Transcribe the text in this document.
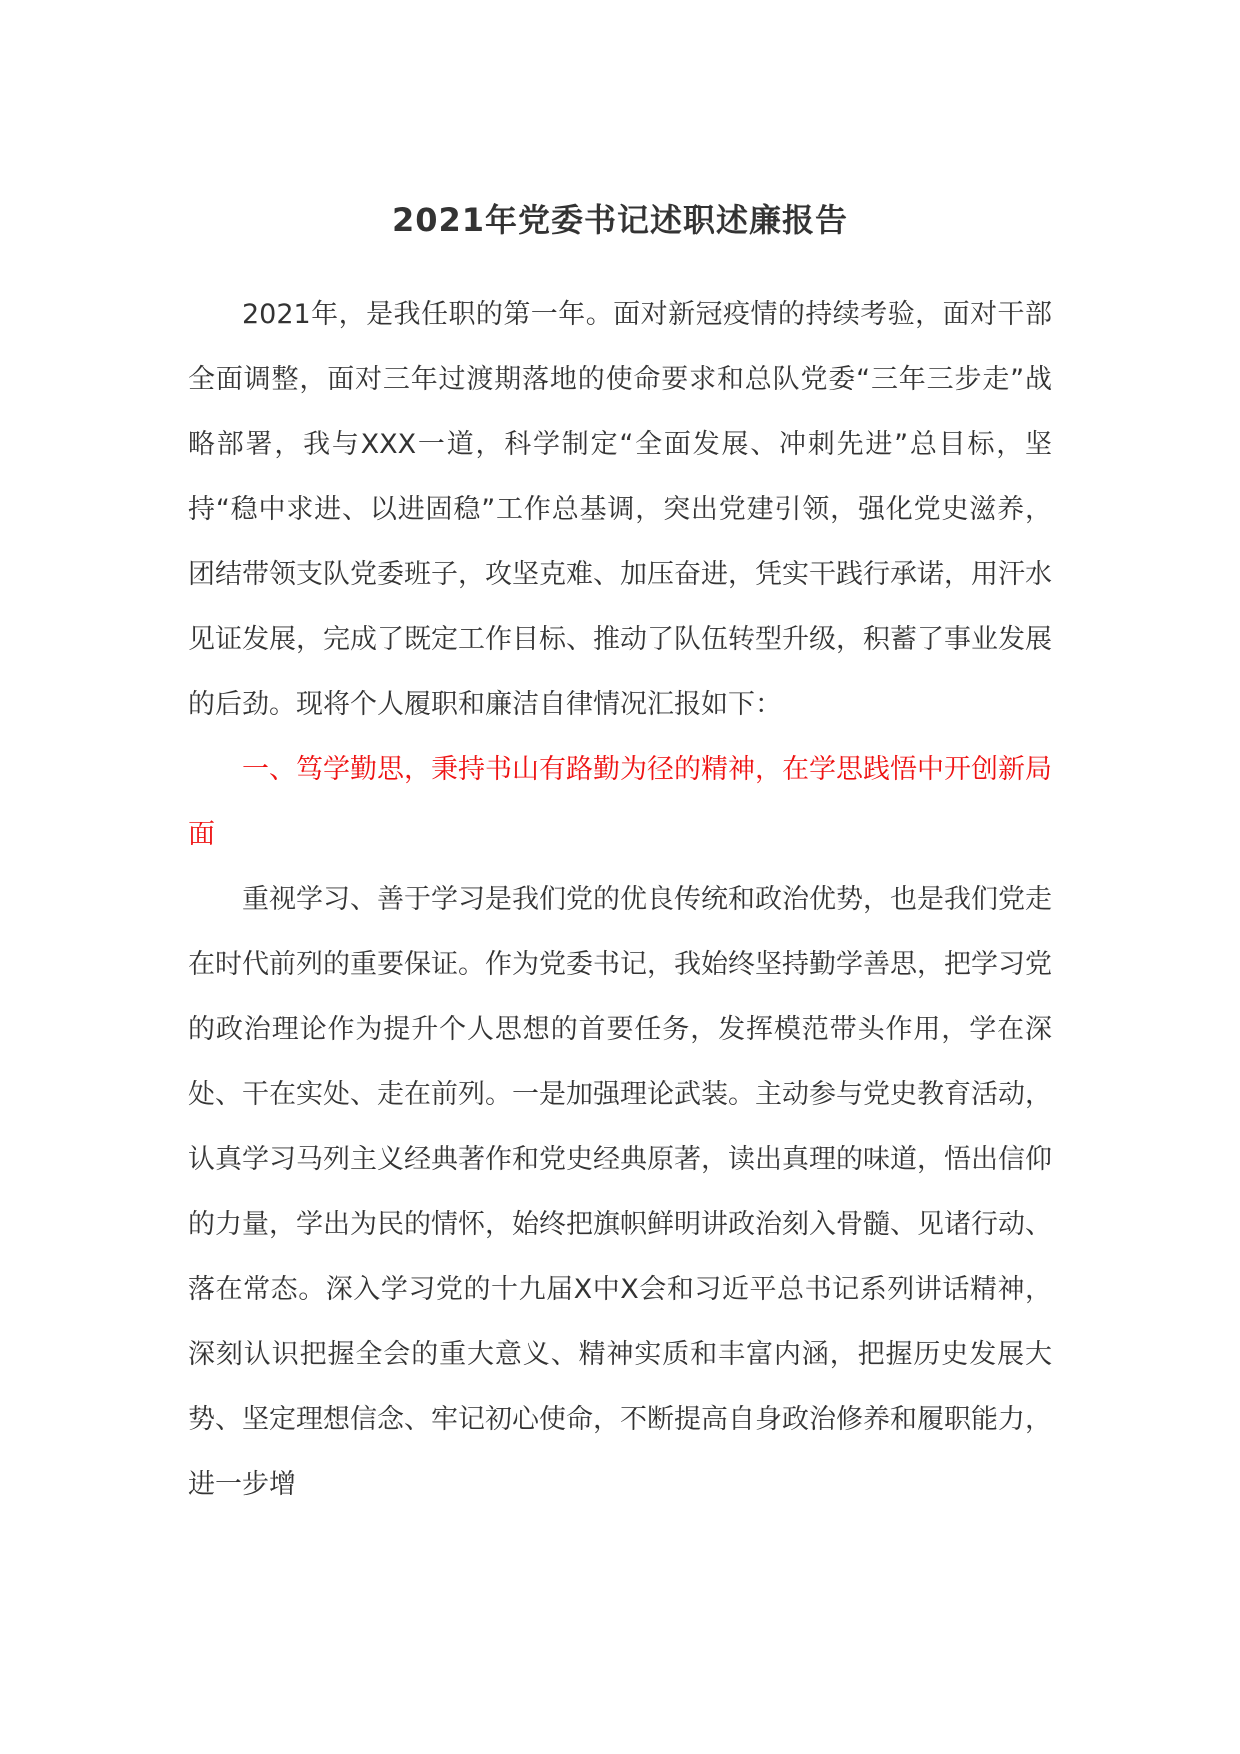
2021年党委书记述职述廉报告

2021年，是我任职的第一年。面对新冠疫情的持续考验，面对干部全面调整，面对三年过渡期落地的使命要求和总队党委“三年三步走”战略部署，我与XXX一道，科学制定“全面发展、冲刺先进”总目标，坚持“稳中求进、以进固稳”工作总基调，突出党建引领，强化党史滋养，团结带领支队党委班子，攻坚克难、加压奋进，凭实干践行承诺，用汗水见证发展，完成了既定工作目标、推动了队伍转型升级，积蓄了事业发展的后劲。现将个人履职和廉洁自律情况汇报如下：

一、笃学勤思，秉持书山有路勤为径的精神，在学思践悟中开创新局面

重视学习、善于学习是我们党的优良传统和政治优势，也是我们党走在时代前列的重要保证。作为党委书记，我始终坚持勤学善思，把学习党的政治理论作为提升个人思想的首要任务，发挥模范带头作用，学在深处、干在实处、走在前列。一是加强理论武装。主动参与党史教育活动，认真学习马列主义经典著作和党史经典原著，读出真理的味道，悟出信仰的力量，学出为民的情怀，始终把旗帜鲜明讲政治刻入骨髓、见诸行动、落在常态。深入学习党的十九届X中X会和习近平总书记系列讲话精神，深刻认识把握全会的重大意义、精神实质和丰富内涵，把握历史发展大势、坚定理想信念、牢记初心使命，不断提高自身政治修养和履职能力，进一步增
